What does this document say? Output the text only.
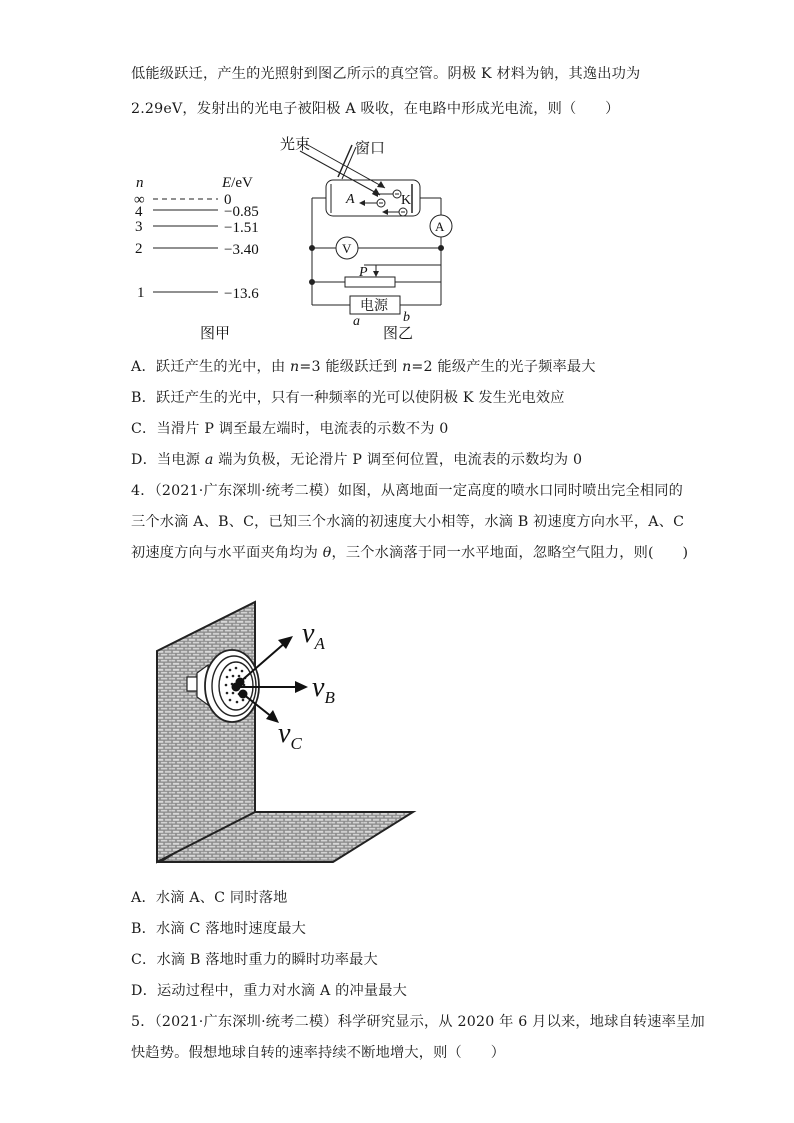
低能级跃迁，产生的光照射到图乙所示的真空管。阴极 K 材料为钠，其逸出功为
2.29eV，发射出的光电子被阳极 A 吸收，在电路中形成光电流，则（　　）
n	E/eV
∞	0
4	−0.85
3	−1.51
2	−3.40
1	−13.6
图甲
光束	窗口
A	K
A
V
P
电源
a	b
图乙
A．跃迁产生的光中，由 n=3 能级跃迁到 n=2 能级产生的光子频率最大
B．跃迁产生的光中，只有一种频率的光可以使阴极 K 发生光电效应
C．当滑片 P 调至最左端时，电流表的示数不为 0
D．当电源 a 端为负极，无论滑片 P 调至何位置，电流表的示数均为 0
4．（2021·广东深圳·统考二模）如图，从离地面一定高度的喷水口同时喷出完全相同的
三个水滴 A、B、C，已知三个水滴的初速度大小相等，水滴 B 初速度方向水平，A、C
初速度方向与水平面夹角均为 θ，三个水滴落于同一水平地面，忽略空气阻力，则(　　)
$v_A$
$v_B$
$v_C$
A．水滴 A、C 同时落地
B．水滴 C 落地时速度最大
C．水滴 B 落地时重力的瞬时功率最大
D．运动过程中，重力对水滴 A 的冲量最大
5．（2021·广东深圳·统考二模）科学研究显示，从 2020 年 6 月以来，地球自转速率呈加
快趋势。假想地球自转的速率持续不断地增大，则（　　）
